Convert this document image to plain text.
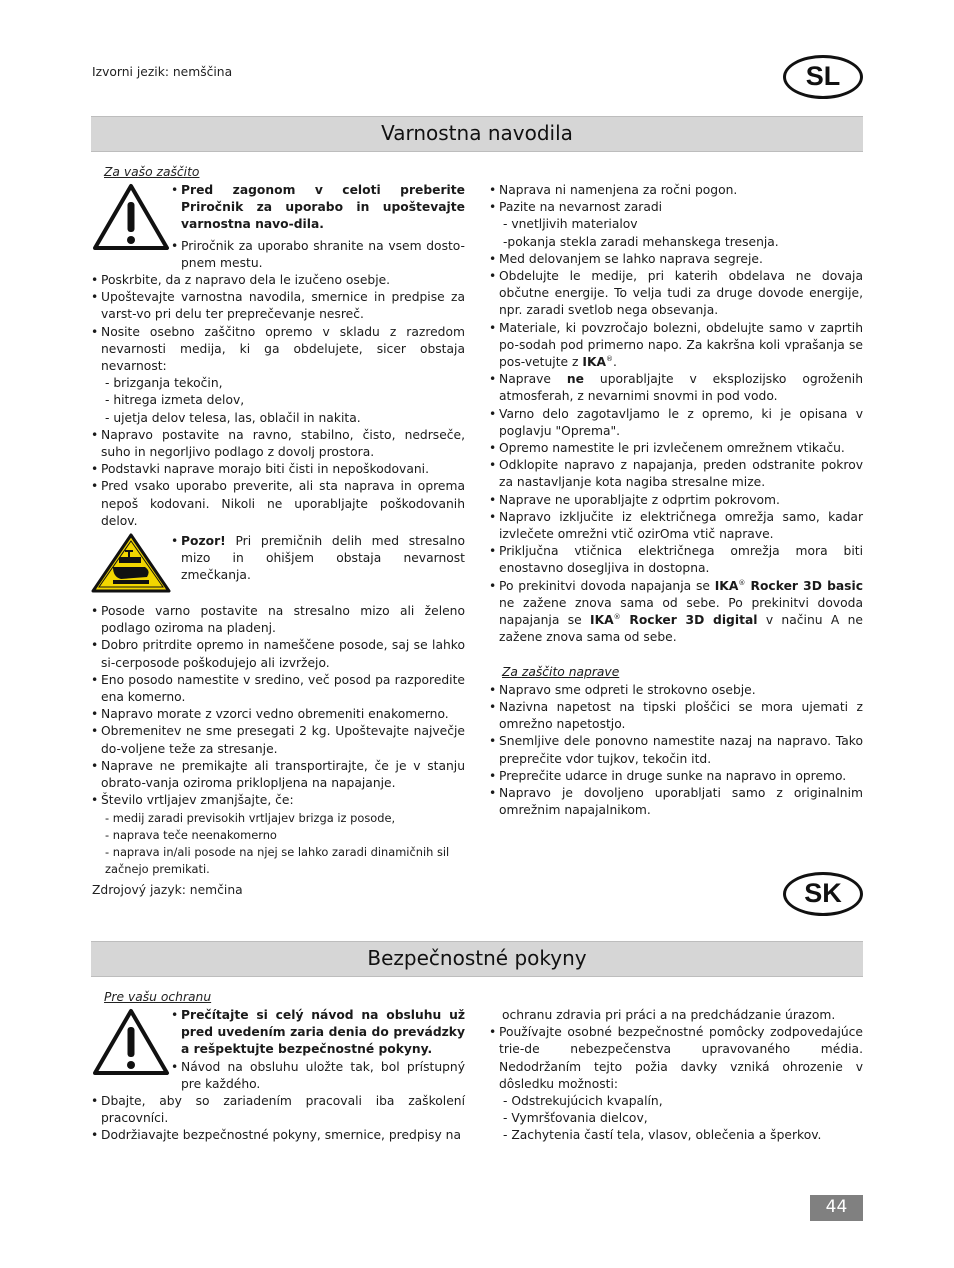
Izvorni jezik: nemščina	SL
Varnostna navodila
Za vašo zaščito
• Pred zagonom v celoti preberite Priročnik za uporabo in upoštevajte varnostna navo-dila.
• Priročnik za uporabo shranite na vsem dosto-pnem mestu.
• Poskrbite, da z napravo dela le izučeno osebje.
• Upoštevajte varnostna navodila, smernice in predpise za varst-vo pri delu ter preprečevanje nesreč.
• Nosite osebno zaščitno opremo v skladu z razredom nevarnosti medija, ki ga obdelujete, sicer obstaja nevarnost:
- brizganja tekočin,
- hitrega izmeta delov,
- ujetja delov telesa, las, oblačil in nakita.
• Napravo postavite na ravno, stabilno, čisto, nedrseče, suho in negorljivo podlago z dovolj prostora.
• Podstavki naprave morajo biti čisti in nepoškodovani.
• Pred vsako uporabo preverite, ali sta naprava in oprema nepoš kodovani. Nikoli ne uporabljajte poškodovanih delov.
• Pozor! Pri premičnih delih med stresalno mizo in ohišjem obstaja nevarnost zmečkanja.
• Posode varno postavite na stresalno mizo ali želeno podlago oziroma na pladenj.
• Dobro pritrdite opremo in nameščene posode, saj se lahko si-cerposode poškodujejo ali izvržejo.
• Eno posodo namestite v sredino, več posod pa razporedite ena komerno.
• Napravo morate z vzorci vedno obremeniti enakomerno.
• Obremenitev ne sme presegati 2 kg. Upoštevajte največje do-voljene teže za stresanje.
• Naprave ne premikajte ali transportirajte, če je v stanju obrato-vanja oziroma priklopljena na napajanje.
• Število vrtljajev zmanjšajte, če:
- medij zaradi previsokih vrtljajev brizga iz posode,
- naprava teče neenakomerno
- naprava in/ali posode na njej se lahko zaradi dinamičnih sil začnejo premikati.
• Naprava ni namenjena za ročni pogon.
• Pazite na nevarnost zaradi
- vnetljivih materialov
-pokanja stekla zaradi mehanskega tresenja.
• Med delovanjem se lahko naprava segreje.
• Obdelujte le medije, pri katerih obdelava ne dovaja občutne energije. To velja tudi za druge dovode energije, npr. zaradi svetlob nega obsevanja.
• Materiale, ki povzročajo bolezni, obdelujte samo v zaprtih po-sodah pod primerno napo. Za kakršna koli vprašanja se pos-vetujte z IKA®.
• Naprave ne uporabljajte v eksplozijsko ogroženih atmosferah, z nevarnimi snovmi in pod vodo.
• Varno delo zagotavljamo le z opremo, ki je opisana v poglavju "Oprema".
• Opremo namestite le pri izvlečenem omrežnem vtikaču.
• Odklopite napravo z napajanja, preden odstranite pokrov za nastavljanje kota nagiba stresalne mize.
• Naprave ne uporabljajte z odprtim pokrovom.
• Napravo izključite iz električnega omrežja samo, kadar izvlečete omrežni vtič ozirOma vtič naprave.
• Priključna vtičnica električnega omrežja mora biti enostavno dosegljiva in dostopna.
• Po prekinitvi dovoda napajanja se IKA® Rocker 3D basic ne zažene znova sama od sebe. Po prekinitvi dovoda napajanja se IKA® Rocker 3D digital v načinu A ne zažene znova sama od sebe.
Za zaščito naprave
• Napravo sme odpreti le strokovno osebje.
• Nazivna napetost na tipski ploščici se mora ujemati z omrežno napetostjo.
• Snemljive dele ponovno namestite nazaj na napravo. Tako preprečite vdor tujkov, tekočin itd.
• Preprečite udarce in druge sunke na napravo in opremo.
• Napravo je dovoljeno uporabljati samo z originalnim omrežnim napajalnikom.
Zdrojový jazyk: nemčina	SK
Bezpečnostné pokyny
Pre vašu ochranu
• Prečítajte si celý návod na obsluhu už pred uvedením zaria denia do prevádzky a rešpektujte bezpečnostné pokyny.
• Návod na obsluhu uložte tak, bol prístupný pre každého.
• Dbajte, aby so zariadením pracovali iba zaškolení pracovníci.
• Dodržiavajte bezpečnostné pokyny, smernice, predpisy na
ochranu zdravia pri práci a na predchádzanie úrazom.
• Používajte osobné bezpečnostné pomôcky zodpovedajúce trie-de nebezpečenstva upravovaného média. Nedodržaním tejto požia davky vzniká ohrozenie v dôsledku možnosti:
- Odstrekujúcich kvapalín,
- Vymršťovania dielcov,
- Zachytenia častí tela, vlasov, oblečenia a šperkov.
44
